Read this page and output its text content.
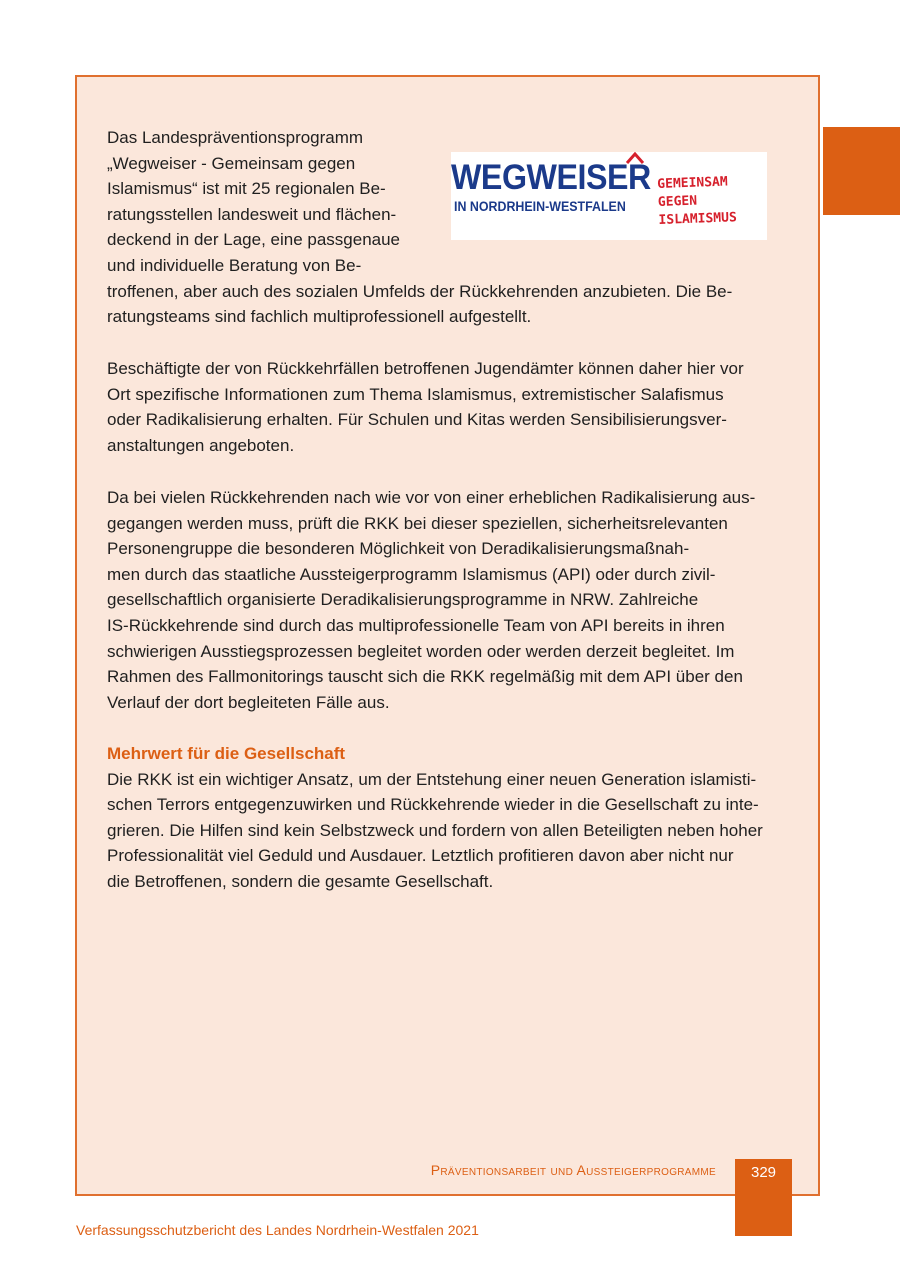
WEGWEISER
IN NORDRHEIN-WESTFALEN
GEMEINSAM
GEGEN
ISLAMISMUS

Das Landespräventionsprogramm
„Wegweiser - Gemeinsam gegen
Islamismus“ ist mit 25 regionalen Be-
ratungsstellen landesweit und flächen-
deckend in der Lage, eine passgenaue
und individuelle Beratung von Be-
troffenen, aber auch des sozialen Umfelds der Rückkehrenden anzubieten. Die Be-
ratungsteams sind fachlich multiprofessionell aufgestellt.

Beschäftigte der von Rückkehrfällen betroffenen Jugendämter können daher hier vor
Ort spezifische Informationen zum Thema Islamismus, extremistischer Salafismus
oder Radikalisierung erhalten. Für Schulen und Kitas werden Sensibilisierungsver-
anstaltungen angeboten.

Da bei vielen Rückkehrenden nach wie vor von einer erheblichen Radikalisierung aus-
gegangen werden muss, prüft die RKK bei dieser speziellen, sicherheitsrelevanten
Personengruppe die besonderen Möglichkeit von Deradikalisierungsmaßnah-
men durch das staatliche Aussteigerprogramm Islamismus (API) oder durch zivil-
gesellschaftlich organisierte Deradikalisierungsprogramme in NRW. Zahlreiche
IS-Rückkehrende sind durch das multiprofessionelle Team von API bereits in ihren
schwierigen Ausstiegsprozessen begleitet worden oder werden derzeit begleitet. Im
Rahmen des Fallmonitorings tauscht sich die RKK regelmäßig mit dem API über den
Verlauf der dort begleiteten Fälle aus.

Mehrwert für die Gesellschaft
Die RKK ist ein wichtiger Ansatz, um der Entstehung einer neuen Generation islamisti-
schen Terrors entgegenzuwirken und Rückkehrende wieder in die Gesellschaft zu inte-
grieren. Die Hilfen sind kein Selbstzweck und fordern von allen Beteiligten neben hoher
Professionalität viel Geduld und Ausdauer. Letztlich profitieren davon aber nicht nur
die Betroffenen, sondern die gesamte Gesellschaft.

Präventionsarbeit und Aussteigerprogramme	329
Verfassungsschutzbericht des Landes Nordrhein-Westfalen 2021
